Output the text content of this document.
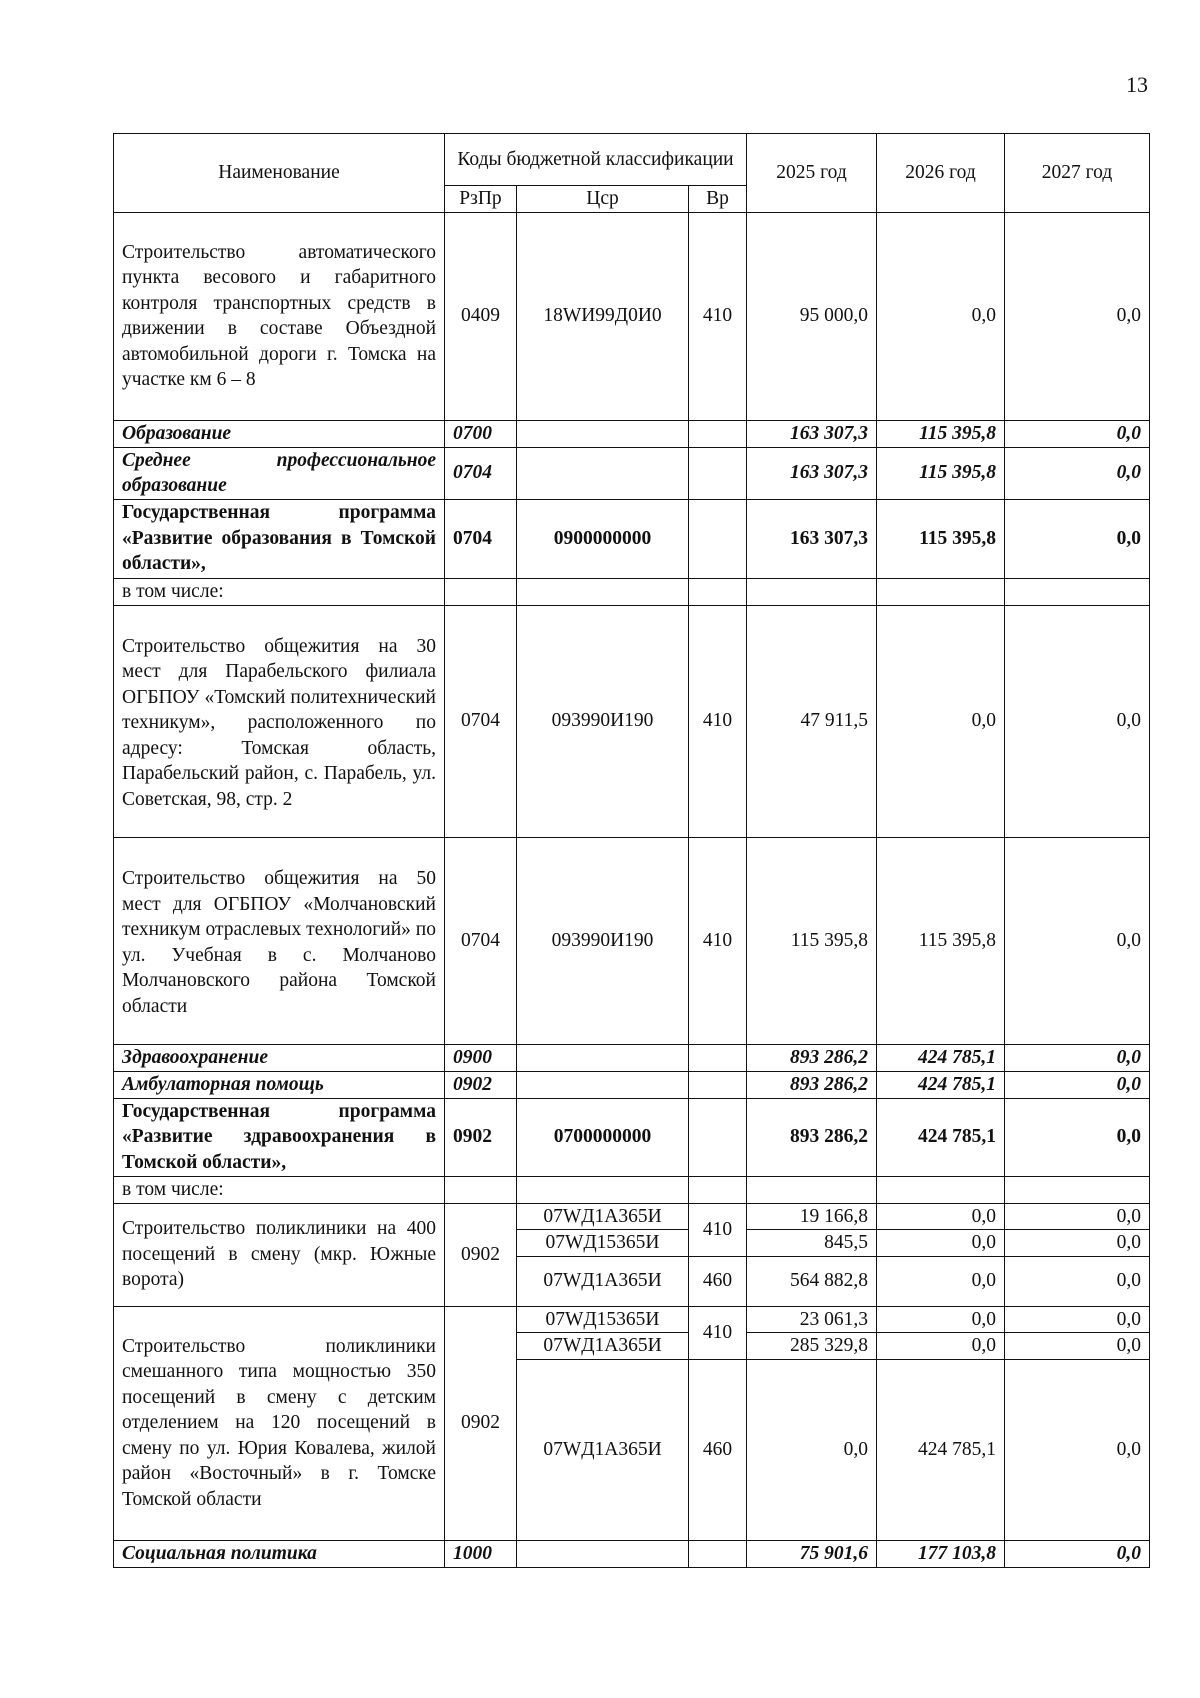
13
Наименование	Коды бюджетной классификации			2025 год	2026 год	2027 год
	РзПр	Цср	Вр			
Строительство автоматического пункта весового и габаритного контроля транспортных средств в движении в составе Объездной автомобильной дороги г. Томска на участке км 6 – 8	0409	18WИ99Д0И0	410	95 000,0	0,0	0,0
Образование	0700			163 307,3	115 395,8	0,0
Среднее профессиональное образование	0704			163 307,3	115 395,8	0,0
Государственная программа «Развитие образования в Томской области»,	0704	0900000000		163 307,3	115 395,8	0,0
в том числе:						
Строительство общежития на 30 мест для Парабельского филиала ОГБПОУ «Томский политехнический техникум», расположенного по адресу: Томская область, Парабельский район, с. Парабель, ул. Советская, 98, стр. 2	0704	093990И190	410	47 911,5	0,0	0,0
Строительство общежития на 50 мест для ОГБПОУ «Молчановский техникум отраслевых технологий» по ул. Учебная в с. Молчаново Молчановского района Томской области	0704	093990И190	410	115 395,8	115 395,8	0,0
Здравоохранение	0900			893 286,2	424 785,1	0,0
Амбулаторная помощь	0902			893 286,2	424 785,1	0,0
Государственная программа «Развитие здравоохранения в Томской области»,	0902	0700000000		893 286,2	424 785,1	0,0
в том числе:						
Строительство поликлиники на 400 посещений в смену (мкр. Южные ворота)	0902	07WД1А365И	410	19 166,8	0,0	0,0
		07WД15365И		845,5	0,0	0,0
		07WД1А365И	460	564 882,8	0,0	0,0
Строительство поликлиники смешанного типа мощностью 350 посещений в смену с детским отделением на 120 посещений в смену по ул. Юрия Ковалева, жилой район «Восточный» в г. Томске Томской области	0902	07WД15365И	410	23 061,3	0,0	0,0
		07WД1А365И		285 329,8	0,0	0,0
		07WД1А365И	460	0,0	424 785,1	0,0
Социальная политика	1000			75 901,6	177 103,8	0,0
